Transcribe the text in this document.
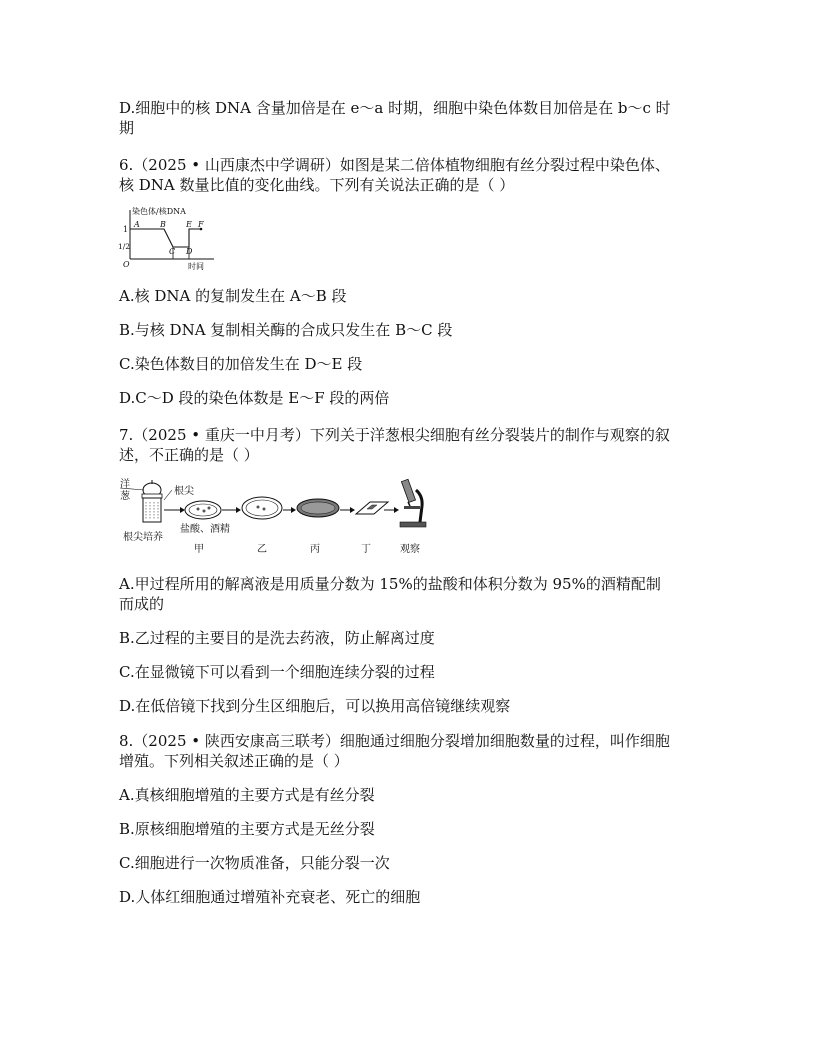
D.细胞中的核 DNA 含量加倍是在 e～a 时期，细胞中染色体数目加倍是在 b～c 时
期
6.（2025 • 山西康杰中学调研）如图是某二倍体植物细胞有丝分裂过程中染色体、
核 DNA 数量比值的变化曲线。下列有关说法正确的是（ ）
染色体/核DNA
1
1/2
O
A	B
C D
E F
时间
A.核 DNA 的复制发生在 A～B 段
B.与核 DNA 复制相关酶的合成只发生在 B～C 段
C.染色体数目的加倍发生在 D～E 段
D.C～D 段的染色体数是 E～F 段的两倍
7.（2025 • 重庆一中月考）下列关于洋葱根尖细胞有丝分裂装片的制作与观察的叙
述，不正确的是（ ）
洋
葱	根尖
盐酸、酒精
根尖培养
甲	乙	丙	丁	观察
A.甲过程所用的解离液是用质量分数为 15%的盐酸和体积分数为 95%的酒精配制
而成的
B.乙过程的主要目的是洗去药液，防止解离过度
C.在显微镜下可以看到一个细胞连续分裂的过程
D.在低倍镜下找到分生区细胞后，可以换用高倍镜继续观察
8.（2025 • 陕西安康高三联考）细胞通过细胞分裂增加细胞数量的过程，叫作细胞
增殖。下列相关叙述正确的是（ ）
A.真核细胞增殖的主要方式是有丝分裂
B.原核细胞增殖的主要方式是无丝分裂
C.细胞进行一次物质准备，只能分裂一次
D.人体红细胞通过增殖补充衰老、死亡的细胞
